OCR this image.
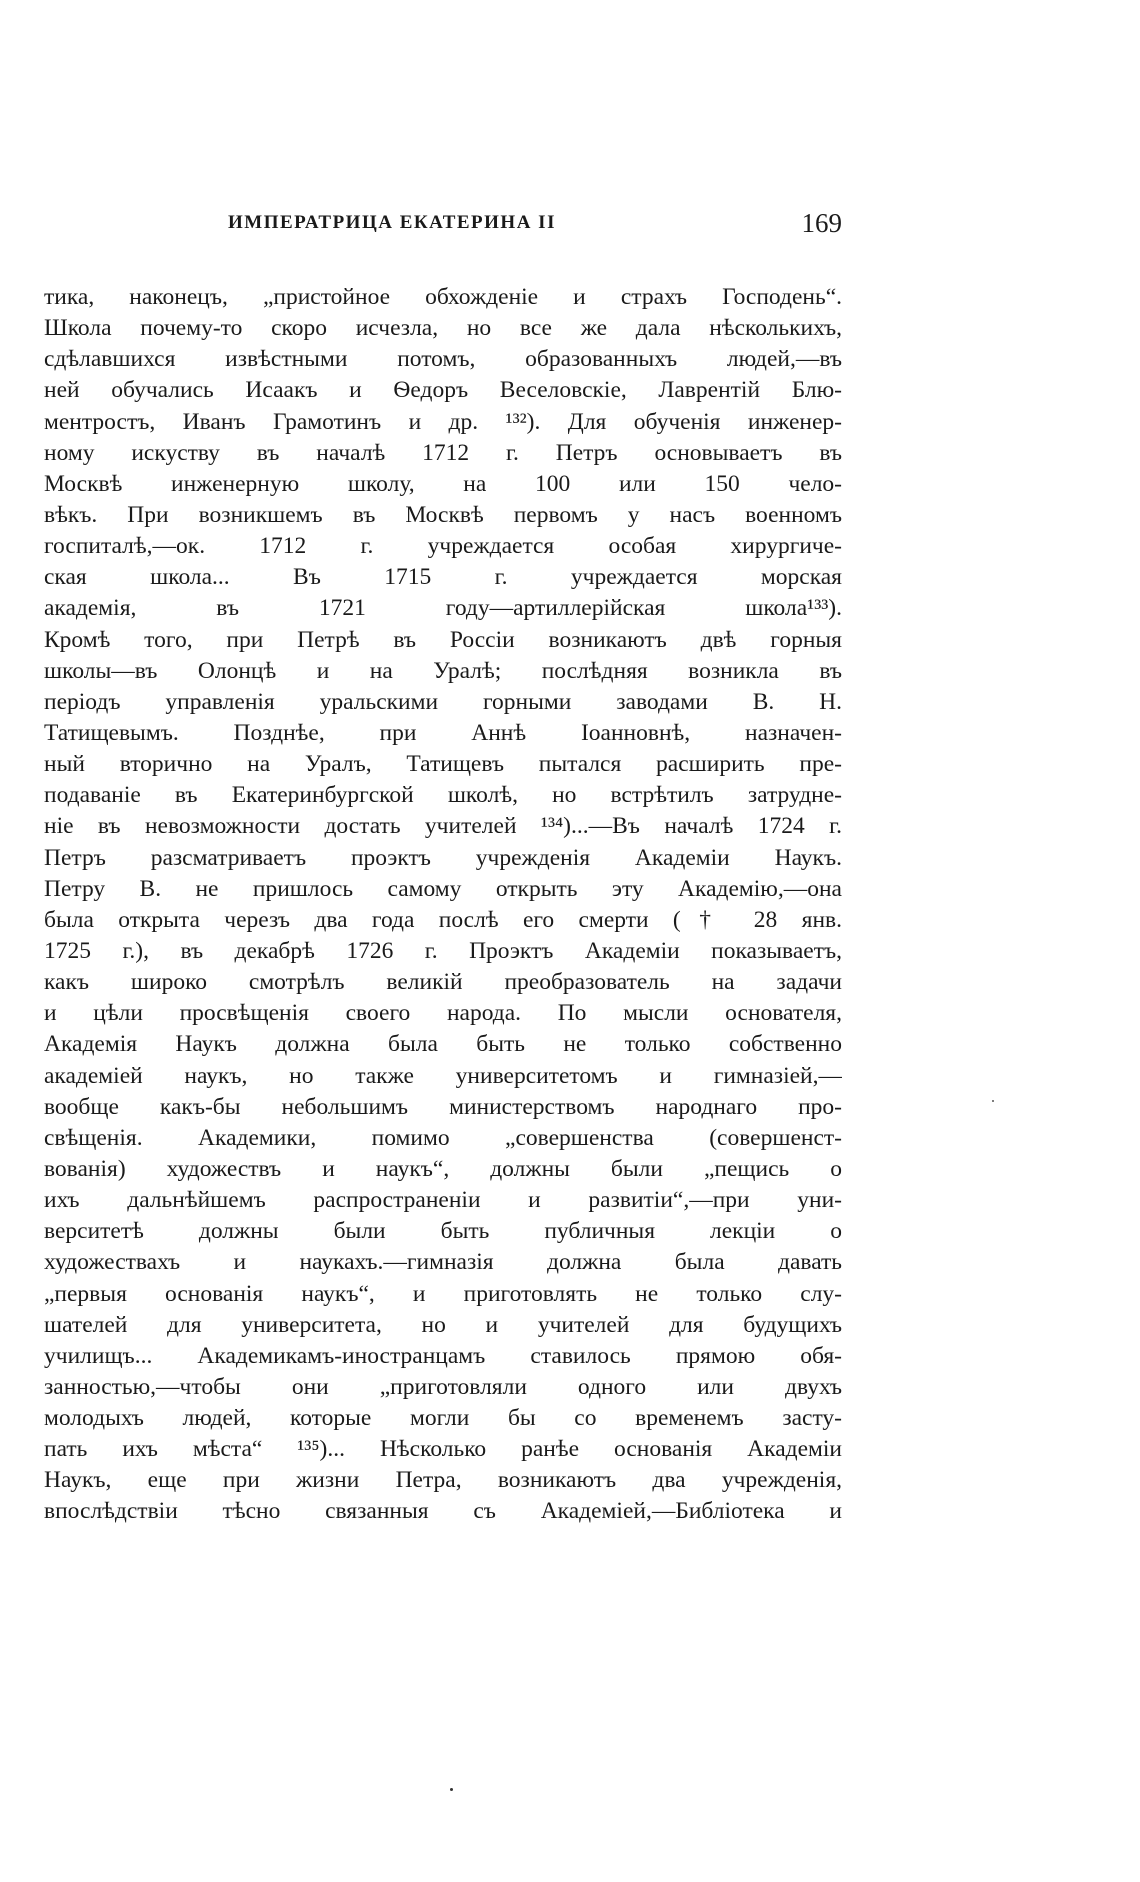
ИМПЕРАТРИЦА ЕКАТЕРИНА II	169
тика, наконецъ, „пристойное обхожденіе и страхъ Господень“.
Школа почему-то скоро исчезла, но все же дала нѣсколькихъ,
сдѣлавшихся извѣстными потомъ, образованныхъ людей,—въ
ней обучались Исаакъ и Ѳедоръ Веселовскіе, Лаврентій Блю-
ментростъ, Иванъ Грамотинъ и др. ¹³²). Для обученія инженер-
ному искуству въ началѣ 1712 г. Петръ основываетъ въ
Москвѣ инженерную школу, на 100 или 150 чело-
вѣкъ. При возникшемъ въ Москвѣ первомъ у насъ военномъ
госпиталѣ,—ок. 1712 г. учреждается особая хирургиче-
ская школа... Въ 1715 г. учреждается морская
академія, въ 1721 году—артиллерійская школа¹³³).
Кромѣ того, при Петрѣ въ Россіи возникаютъ двѣ горныя
школы—въ Олонцѣ и на Уралѣ; послѣдняя возникла въ
періодъ управленія уральскими горными заводами В. Н.
Татищевымъ. Позднѣе, при Аннѣ Іоанновнѣ, назначен-
ный вторично на Уралъ, Татищевъ пытался расширить пре-
подаваніе въ Екатеринбургской школѣ, но встрѣтилъ затрудне-
ніе въ невозможности достать учителей ¹³⁴)...—Въ началѣ 1724 г.
Петръ разсматриваетъ проэктъ учрежденія Академіи Наукъ.
Петру В. не пришлось самому открыть эту Академію,—она
была открыта черезъ два года послѣ его смерти († 28 янв.
1725 г.), въ декабрѣ 1726 г. Проэктъ Академіи показываетъ,
какъ широко смотрѣлъ великій преобразователь на задачи
и цѣли просвѣщенія своего народа. По мысли основателя,
Академія Наукъ должна была быть не только собственно
академіей наукъ, но также университетомъ и гимназіей,—
вообще какъ-бы небольшимъ министерствомъ народнаго про-
свѣщенія. Академики, помимо „совершенства (совершенст-
вованія) художествъ и наукъ“, должны были „пещись о
ихъ дальнѣйшемъ распространеніи и развитіи“,—при уни-
верситетѣ должны были быть публичныя лекціи о
художествахъ и наукахъ.—гимназія должна была давать
„первыя основанія наукъ“, и приготовлять не только слу-
шателей для университета, но и учителей для будущихъ
училищъ... Академикамъ-иностранцамъ ставилось прямою обя-
занностью,—чтобы они „приготовляли одного или двухъ
молодыхъ людей, которые могли бы со временемъ засту-
пать ихъ мѣста“ ¹³⁵)... Нѣсколько ранѣе основанія Академіи
Наукъ, еще при жизни Петра, возникаютъ два учрежденія,
впослѣдствіи тѣсно связанныя съ Академіей,—Библіотека и
